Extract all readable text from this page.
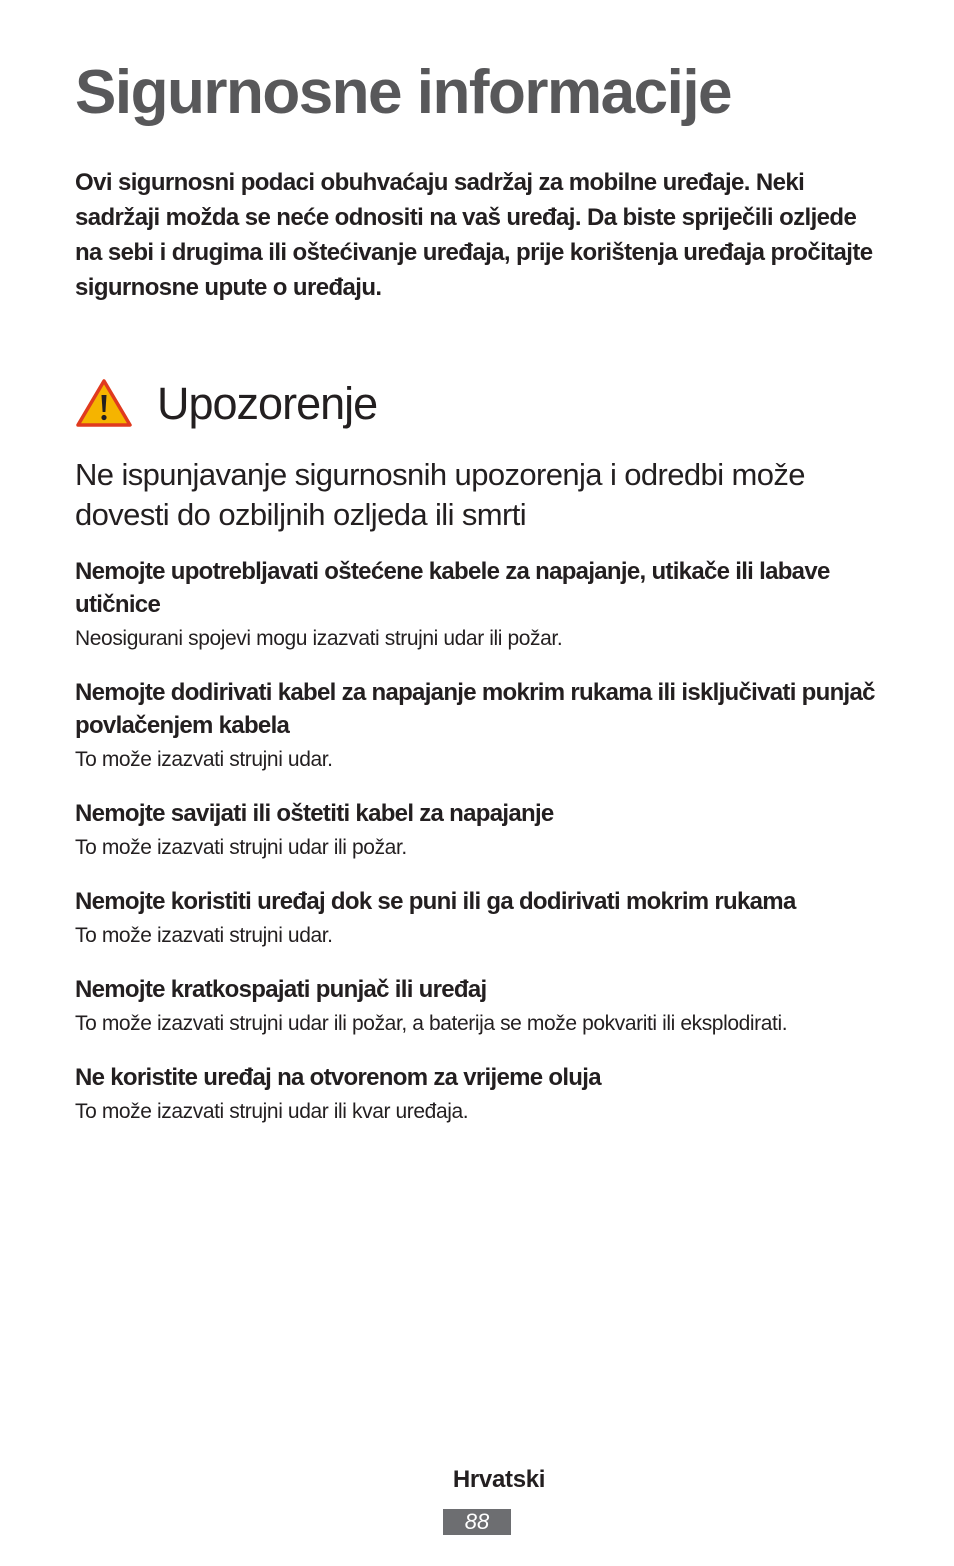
Sigurnosne informacije

Ovi sigurnosni podaci obuhvaćaju sadržaj za mobilne uređaje. Neki sadržaji možda se neće odnositi na vaš uređaj. Da biste spriječili ozljede na sebi i drugima ili oštećivanje uređaja, prije korištenja uređaja pročitajte sigurnosne upute o uređaju.

Upozorenje

Ne ispunjavanje sigurnosnih upozorenja i odredbi može dovesti do ozbiljnih ozljeda ili smrti

Nemojte upotrebljavati oštećene kabele za napajanje, utikače ili labave utičnice

Neosigurani spojevi mogu izazvati strujni udar ili požar.

Nemojte dodirivati kabel za napajanje mokrim rukama ili isključivati punjač povlačenjem kabela

To može izazvati strujni udar.

Nemojte savijati ili oštetiti kabel za napajanje

To može izazvati strujni udar ili požar.

Nemojte koristiti uređaj dok se puni ili ga dodirivati mokrim rukama

To može izazvati strujni udar.

Nemojte kratkospajati punjač ili uređaj

To može izazvati strujni udar ili požar, a baterija se može pokvariti ili eksplodirati.

Ne koristite uređaj na otvorenom za vrijeme oluja

To može izazvati strujni udar ili kvar uređaja.

Hrvatski
88
